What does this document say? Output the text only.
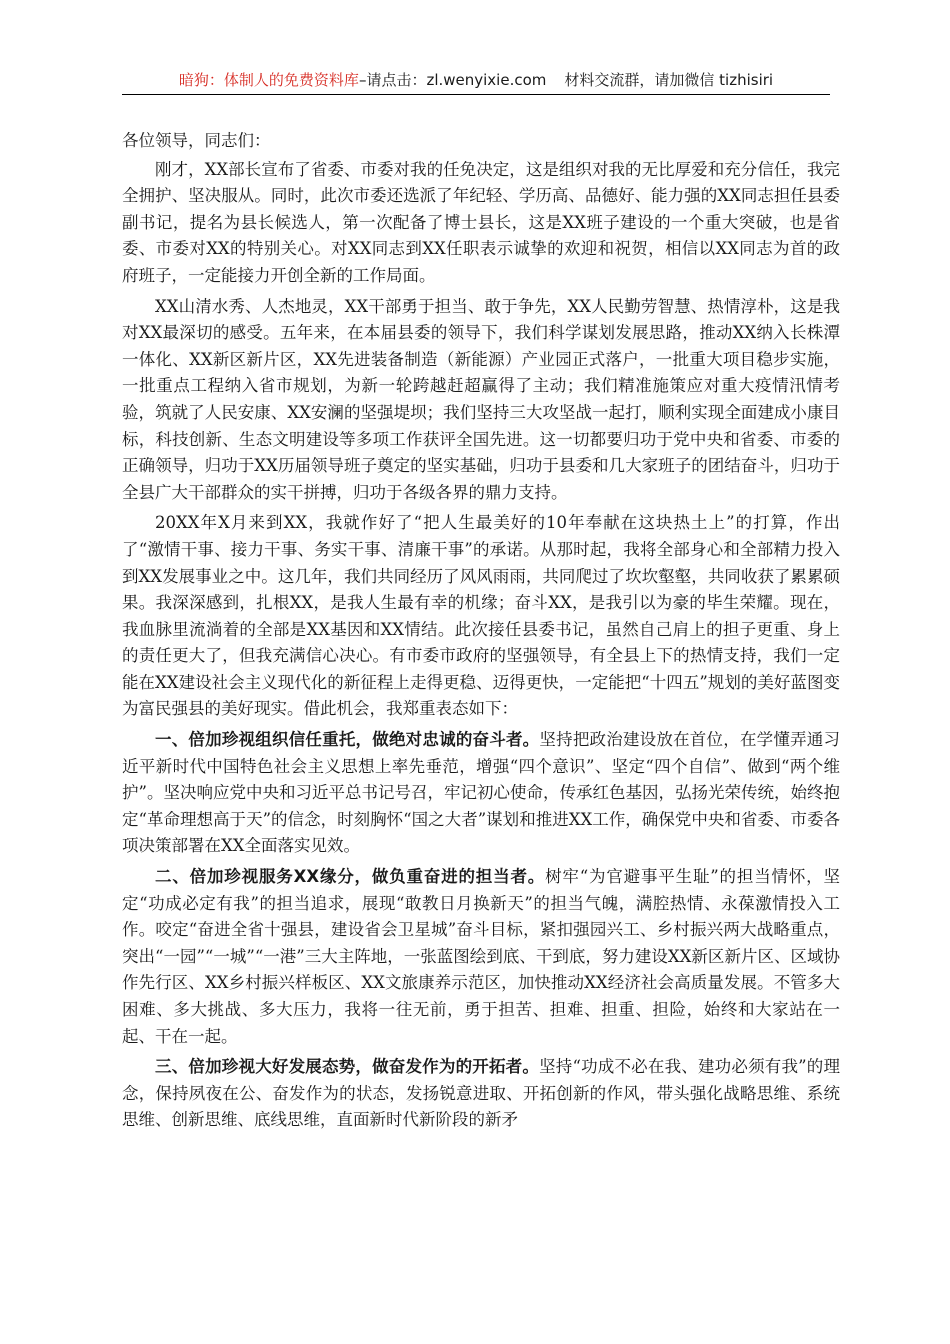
暗狗：体制人的免费资料库–请点击：zl.wenyixie.com 材料交流群，请加微信 tizhisiri

各位领导，同志们：

刚才，XX部长宣布了省委、市委对我的任免决定，这是组织对我的无比厚爱和充分信任，我完全拥护、坚决服从。同时，此次市委还选派了年纪轻、学历高、品德好、能力强的XX同志担任县委副书记，提名为县长候选人，第一次配备了博士县长，这是XX班子建设的一个重大突破，也是省委、市委对XX的特别关心。对XX同志到XX任职表示诚挚的欢迎和祝贺，相信以XX同志为首的政府班子，一定能接力开创全新的工作局面。

XX山清水秀、人杰地灵，XX干部勇于担当、敢于争先，XX人民勤劳智慧、热情淳朴，这是我对XX最深切的感受。五年来，在本届县委的领导下，我们科学谋划发展思路，推动XX纳入长株潭一体化、XX新区新片区，XX先进装备制造（新能源）产业园正式落户，一批重大项目稳步实施，一批重点工程纳入省市规划，为新一轮跨越赶超赢得了主动；我们精准施策应对重大疫情汛情考验，筑就了人民安康、XX安澜的坚强堤坝；我们坚持三大攻坚战一起打，顺利实现全面建成小康目标，科技创新、生态文明建设等多项工作获评全国先进。这一切都要归功于党中央和省委、市委的正确领导，归功于XX历届领导班子奠定的坚实基础，归功于县委和几大家班子的团结奋斗，归功于全县广大干部群众的实干拼搏，归功于各级各界的鼎力支持。

20XX年X月来到XX，我就作好了“把人生最美好的10年奉献在这块热土上”的打算，作出了“激情干事、接力干事、务实干事、清廉干事”的承诺。从那时起，我将全部身心和全部精力投入到XX发展事业之中。这几年，我们共同经历了风风雨雨，共同爬过了坎坎壑壑，共同收获了累累硕果。我深深感到，扎根XX，是我人生最有幸的机缘；奋斗XX，是我引以为豪的毕生荣耀。现在，我血脉里流淌着的全部是XX基因和XX情结。此次接任县委书记，虽然自己肩上的担子更重、身上的责任更大了，但我充满信心决心。有市委市政府的坚强领导，有全县上下的热情支持，我们一定能在XX建设社会主义现代化的新征程上走得更稳、迈得更快，一定能把“十四五”规划的美好蓝图变为富民强县的美好现实。借此机会，我郑重表态如下：

一、倍加珍视组织信任重托，做绝对忠诚的奋斗者。坚持把政治建设放在首位，在学懂弄通习近平新时代中国特色社会主义思想上率先垂范，增强“四个意识”、坚定“四个自信”、做到“两个维护”。坚决响应党中央和习近平总书记号召，牢记初心使命，传承红色基因，弘扬光荣传统，始终抱定“革命理想高于天”的信念，时刻胸怀“国之大者”谋划和推进XX工作，确保党中央和省委、市委各项决策部署在XX全面落实见效。

二、倍加珍视服务XX缘分，做负重奋进的担当者。树牢“为官避事平生耻”的担当情怀，坚定“功成必定有我”的担当追求，展现“敢教日月换新天”的担当气魄，满腔热情、永葆激情投入工作。咬定“奋进全省十强县，建设省会卫星城”奋斗目标，紧扣强园兴工、乡村振兴两大战略重点，突出“一园”“一城”“一港”三大主阵地，一张蓝图绘到底、干到底，努力建设XX新区新片区、区域协作先行区、XX乡村振兴样板区、XX文旅康养示范区，加快推动XX经济社会高质量发展。不管多大困难、多大挑战、多大压力，我将一往无前，勇于担苦、担难、担重、担险，始终和大家站在一起、干在一起。

三、倍加珍视大好发展态势，做奋发作为的开拓者。坚持“功成不必在我、建功必须有我”的理念，保持夙夜在公、奋发作为的状态，发扬锐意进取、开拓创新的作风，带头强化战略思维、系统思维、创新思维、底线思维，直面新时代新阶段的新矛
